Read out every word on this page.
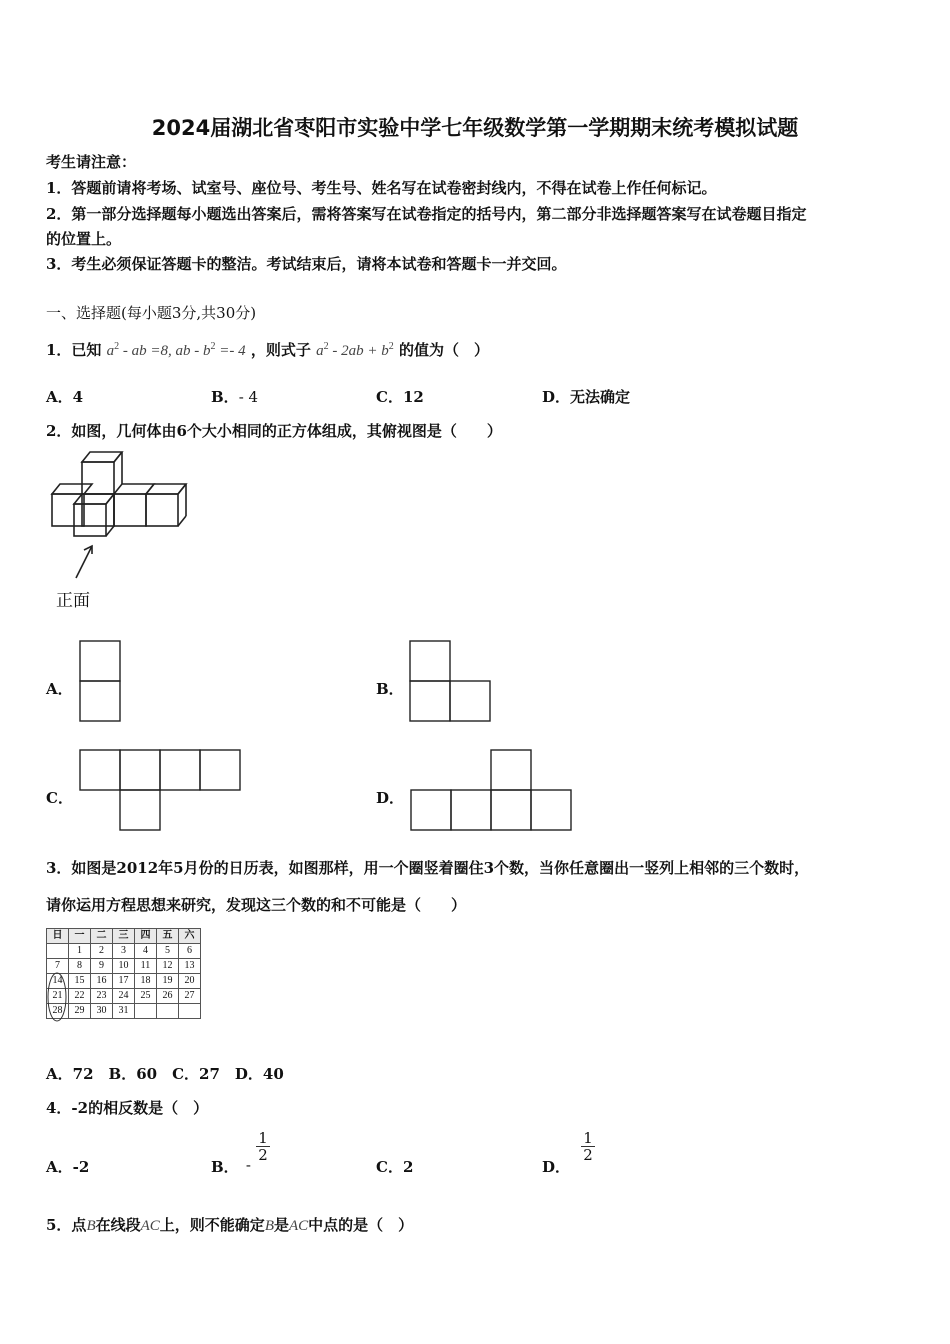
2024届湖北省枣阳市实验中学七年级数学第一学期期末统考模拟试题
考生请注意：
1．答题前请将考场、试室号、座位号、考生号、姓名写在试卷密封线内，不得在试卷上作任何标记。
2．第一部分选择题每小题选出答案后，需将答案写在试卷指定的括号内，第二部分非选择题答案写在试卷题目指定
的位置上。
3．考生必须保证答题卡的整洁。考试结束后，请将本试卷和答题卡一并交回。
一、选择题(每小题3分,共30分)
1．已知 $a^2$ - ab =8, ab - $b^2 =- 4$ ，则式子 $a^2 - 2ab + b^2$ 的值为（　）
A．4	B．- 4	C．12	D．无法确定
2．如图，几何体由6个大小相同的正方体组成，其俯视图是（　　）
正面
A．	B．
C．	D．
3．如图是2012年5月份的日历表，如图那样，用一个圈竖着圈住3个数，当你任意圈出一竖列上相邻的三个数时，
请你运用方程思想来研究，发现这三个数的和不可能是（　　）
日	一	二	三	四	五	六
	1	2	3	4	5	6
7	8	9	10	11	12	13
14	15	16	17	18	19	20
21	22	23	24	25	26	27
28	29	30	31			
A．72　B．60　C．27　D．40
4．-2的相反数是（　）
A．-2	B． -
$\frac{1}{2}$
C．2	D．
$\frac{1}{2}$
5．点B在线段AC上，则不能确定B是AC中点的是（　）
